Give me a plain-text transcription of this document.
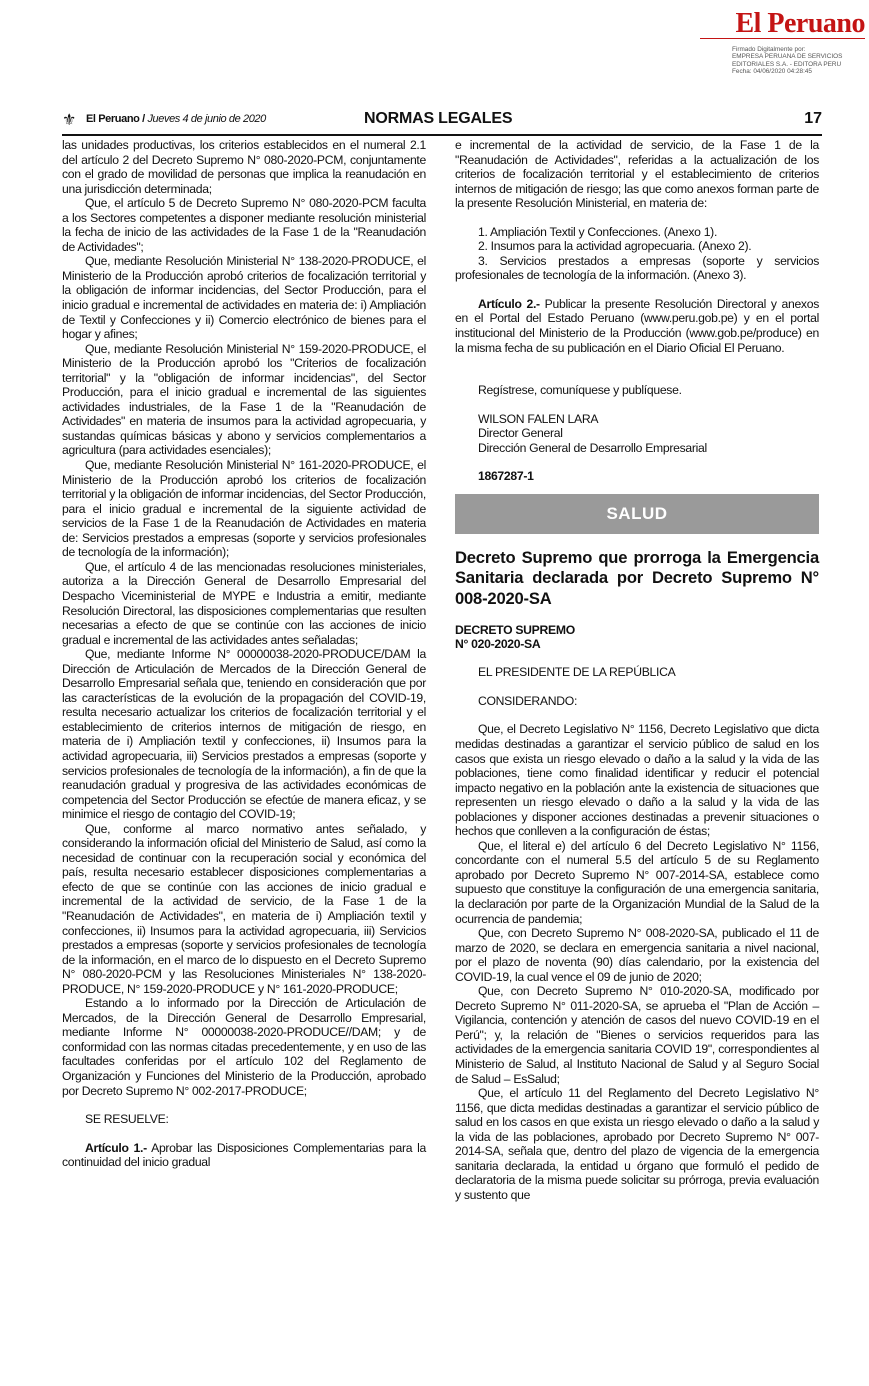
El Peruano
Firmado Digitalmente por:
EMPRESA PERUANA DE SERVICIOS
EDITORIALES S.A. - EDITORA PERU
Fecha: 04/06/2020 04:28:45
⚜ El Peruano / Jueves 4 de junio de 2020	NORMAS LEGALES	17

las unidades productivas, los criterios establecidos en el numeral 2.1 del artículo 2 del Decreto Supremo N° 080-2020-PCM, conjuntamente con el grado de movilidad de personas que implica la reanudación en una jurisdicción determinada;

Que, el artículo 5 de Decreto Supremo N° 080-2020-PCM faculta a los Sectores competentes a disponer mediante resolución ministerial la fecha de inicio de las actividades de la Fase 1 de la "Reanudación de Actividades";

Que, mediante Resolución Ministerial N° 138-2020-PRODUCE, el Ministerio de la Producción aprobó criterios de focalización territorial y la obligación de informar incidencias, del Sector Producción, para el inicio gradual e incremental de actividades en materia de: i) Ampliación de Textil y Confecciones y ii) Comercio electrónico de bienes para el hogar y afines;

Que, mediante Resolución Ministerial N° 159-2020-PRODUCE, el Ministerio de la Producción aprobó los "Criterios de focalización territorial" y la "obligación de informar incidencias", del Sector Producción, para el inicio gradual e incremental de las siguientes actividades industriales, de la Fase 1 de la "Reanudación de Actividades" en materia de insumos para la actividad agropecuaria, y sustandas químicas básicas y abono y servicios complementarios a agricultura (para actividades esenciales);

Que, mediante Resolución Ministerial N° 161-2020-PRODUCE, el Ministerio de la Producción aprobó los criterios de focalización territorial y la obligación de informar incidencias, del Sector Producción, para el inicio gradual e incremental de la siguiente actividad de servicios de la Fase 1 de la Reanudación de Actividades en materia de: Servicios prestados a empresas (soporte y servicios profesionales de tecnología de la información);

Que, el artículo 4 de las mencionadas resoluciones ministeriales, autoriza a la Dirección General de Desarrollo Empresarial del Despacho Viceministerial de MYPE e Industria a emitir, mediante Resolución Directoral, las disposiciones complementarias que resulten necesarias a efecto de que se continúe con las acciones de inicio gradual e incremental de las actividades antes señaladas;

Que, mediante Informe N° 00000038-2020-PRODUCE/DAM la Dirección de Articulación de Mercados de la Dirección General de Desarrollo Empresarial señala que, teniendo en consideración que por las características de la evolución de la propagación del COVID-19, resulta necesario actualizar los criterios de focalización territorial y el establecimiento de criterios internos de mitigación de riesgo, en materia de i) Ampliación textil y confecciones, ii) Insumos para la actividad agropecuaria, iii) Servicios prestados a empresas (soporte y servicios profesionales de tecnología de la información), a fin de que la reanudación gradual y progresiva de las actividades económicas de competencia del Sector Producción se efectúe de manera eficaz, y se minimice el riesgo de contagio del COVID-19;

Que, conforme al marco normativo antes señalado, y considerando la información oficial del Ministerio de Salud, así como la necesidad de continuar con la recuperación social y económica del país, resulta necesario establecer disposiciones complementarias a efecto de que se continúe con las acciones de inicio gradual e incremental de la actividad de servicio, de la Fase 1 de la "Reanudación de Actividades", en materia de i) Ampliación textil y confecciones, ii) Insumos para la actividad agropecuaria, iii) Servicios prestados a empresas (soporte y servicios profesionales de tecnología de la información, en el marco de lo dispuesto en el Decreto Supremo N° 080-2020-PCM y las Resoluciones Ministeriales N° 138-2020-PRODUCE, N° 159-2020-PRODUCE y N° 161-2020-PRODUCE;

Estando a lo informado por la Dirección de Articulación de Mercados, de la Dirección General de Desarrollo Empresarial, mediante Informe N° 00000038-2020-PRODUCE//DAM; y de conformidad con las normas citadas precedentemente, y en uso de las facultades conferidas por el artículo 102 del Reglamento de Organización y Funciones del Ministerio de la Producción, aprobado por Decreto Supremo N° 002-2017-PRODUCE;

SE RESUELVE:

Artículo 1.- Aprobar las Disposiciones Complementarias para la continuidad del inicio gradual

e incremental de la actividad de servicio, de la Fase 1 de la "Reanudación de Actividades", referidas a la actualización de los criterios de focalización territorial y el establecimiento de criterios internos de mitigación de riesgo; las que como anexos forman parte de la presente Resolución Ministerial, en materia de:

1. Ampliación Textil y Confecciones. (Anexo 1).

2. Insumos para la actividad agropecuaria. (Anexo 2).

3. Servicios prestados a empresas (soporte y servicios profesionales de tecnología de la información. (Anexo 3).

Artículo 2.- Publicar la presente Resolución Directoral y anexos en el Portal del Estado Peruano (www.peru.gob.pe) y en el portal institucional del Ministerio de la Producción (www.gob.pe/produce) en la misma fecha de su publicación en el Diario Oficial El Peruano.

Regístrese, comuníquese y publíquese.

WILSON FALEN LARA

Director General

Dirección General de Desarrollo Empresarial

1867287-1

SALUD

Decreto Supremo que prorroga la Emergencia Sanitaria declarada por Decreto Supremo N° 008-2020-SA

DECRETO SUPREMO

N° 020-2020-SA

EL PRESIDENTE DE LA REPÚBLICA

CONSIDERANDO:

Que, el Decreto Legislativo N° 1156, Decreto Legislativo que dicta medidas destinadas a garantizar el servicio público de salud en los casos que exista un riesgo elevado o daño a la salud y la vida de las poblaciones, tiene como finalidad identificar y reducir el potencial impacto negativo en la población ante la existencia de situaciones que representen un riesgo elevado o daño a la salud y la vida de las poblaciones y disponer acciones destinadas a prevenir situaciones o hechos que conlleven a la configuración de éstas;

Que, el literal e) del artículo 6 del Decreto Legislativo N° 1156, concordante con el numeral 5.5 del artículo 5 de su Reglamento aprobado por Decreto Supremo N° 007-2014-SA, establece como supuesto que constituye la configuración de una emergencia sanitaria, la declaración por parte de la Organización Mundial de la Salud de la ocurrencia de pandemia;

Que, con Decreto Supremo N° 008-2020-SA, publicado el 11 de marzo de 2020, se declara en emergencia sanitaria a nivel nacional, por el plazo de noventa (90) días calendario, por la existencia del COVID-19, la cual vence el 09 de junio de 2020;

Que, con Decreto Supremo N° 010-2020-SA, modificado por Decreto Supremo N° 011-2020-SA, se aprueba el "Plan de Acción – Vigilancia, contención y atención de casos del nuevo COVID-19 en el Perú"; y, la relación de "Bienes o servicios requeridos para las actividades de la emergencia sanitaria COVID 19", correspondientes al Ministerio de Salud, al Instituto Nacional de Salud y al Seguro Social de Salud – EsSalud;

Que, el artículo 11 del Reglamento del Decreto Legislativo N° 1156, que dicta medidas destinadas a garantizar el servicio público de salud en los casos en que exista un riesgo elevado o daño a la salud y la vida de las poblaciones, aprobado por Decreto Supremo N° 007-2014-SA, señala que, dentro del plazo de vigencia de la emergencia sanitaria declarada, la entidad u órgano que formuló el pedido de declaratoria de la misma puede solicitar su prórroga, previa evaluación y sustento que
